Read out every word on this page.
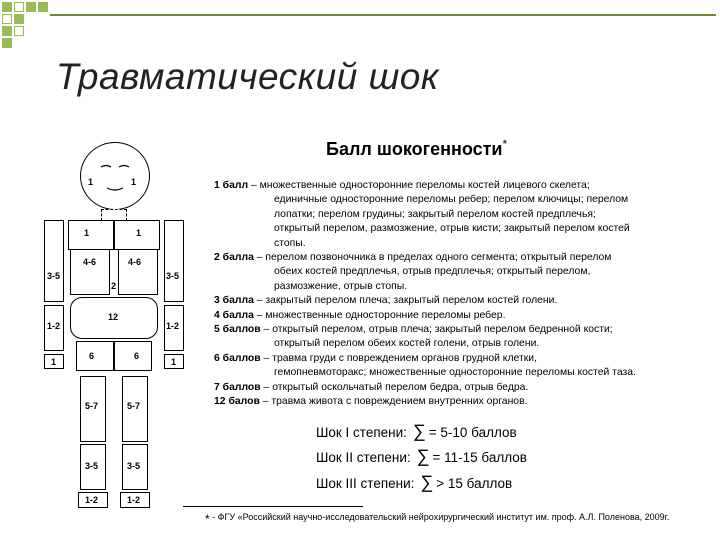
Травматический шок
Балл шокогенности*
1	1
1	1
4-6	4-6
2
3-5	3-5
1-2	1-2
1	1
12
6	6
5-7	5-7
3-5	3-5
1-2	1-2
1 балл – множественные односторонние переломы костей лицевого скелета;
единичные односторонние переломы ребер; перелом ключицы; перелом
лопатки; перелом грудины; закрытый перелом костей предплечья;
открытый перелом, размозжение, отрыв кисти; закрытый перелом костей
стопы.
2 балла – перелом позвоночника в пределах одного сегмента; открытый перелом
обеих костей предплечья, отрыв предплечья; открытый перелом,
размозжение, отрыв стопы.
3 балла – закрытый перелом плеча; закрытый перелом костей голени.
4 балла – множественные односторонние переломы ребер.
5 баллов – открытый перелом, отрыв плеча; закрытый перелом бедренной кости;
открытый перелом обеих костей голени, отрыв голени.
6 баллов – травма груди с повреждением органов грудной клетки,
гемопневмоторакс; множественные односторонние переломы костей таза.
7 баллов – открытый оскольчатый перелом бедра, отрыв бедра.
12 балов – травма живота с повреждением внутренних органов.
Шок I степени: ∑ = 5-10 баллов
Шок II степени: ∑ = 11-15 баллов
Шок III степени: ∑ > 15 баллов
* - ФГУ «Российский научно-исследовательский нейрохирургический институт им. проф. А.Л. Поленова, 2009г.
